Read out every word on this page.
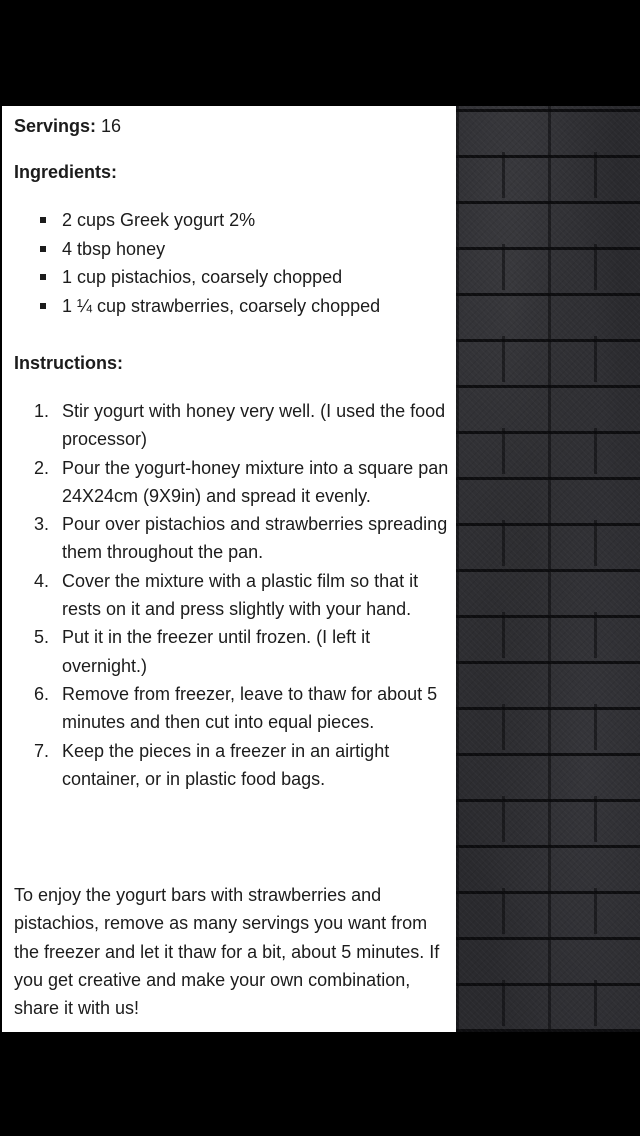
Servings: 16
Ingredients:
2 cups Greek yogurt 2%
4 tbsp honey
1 cup pistachios, coarsely chopped
1 ¼ cup strawberries, coarsely chopped
Instructions:
1. Stir yogurt with honey very well. (I used the food processor)
2. Pour the yogurt-honey mixture into a square pan 24X24cm (9X9in) and spread it evenly.
3. Pour over pistachios and strawberries spreading them throughout the pan.
4. Cover the mixture with a plastic film so that it rests on it and press slightly with your hand.
5. Put it in the freezer until frozen. (I left it overnight.)
6. Remove from freezer, leave to thaw for about 5 minutes and then cut into equal pieces.
7. Keep the pieces in a freezer in an airtight container, or in plastic food bags.

To enjoy the yogurt bars with strawberries and pistachios, remove as many servings you want from the freezer and let it thaw for a bit, about 5 minutes. If you get creative and make your own combination, share it with us!
